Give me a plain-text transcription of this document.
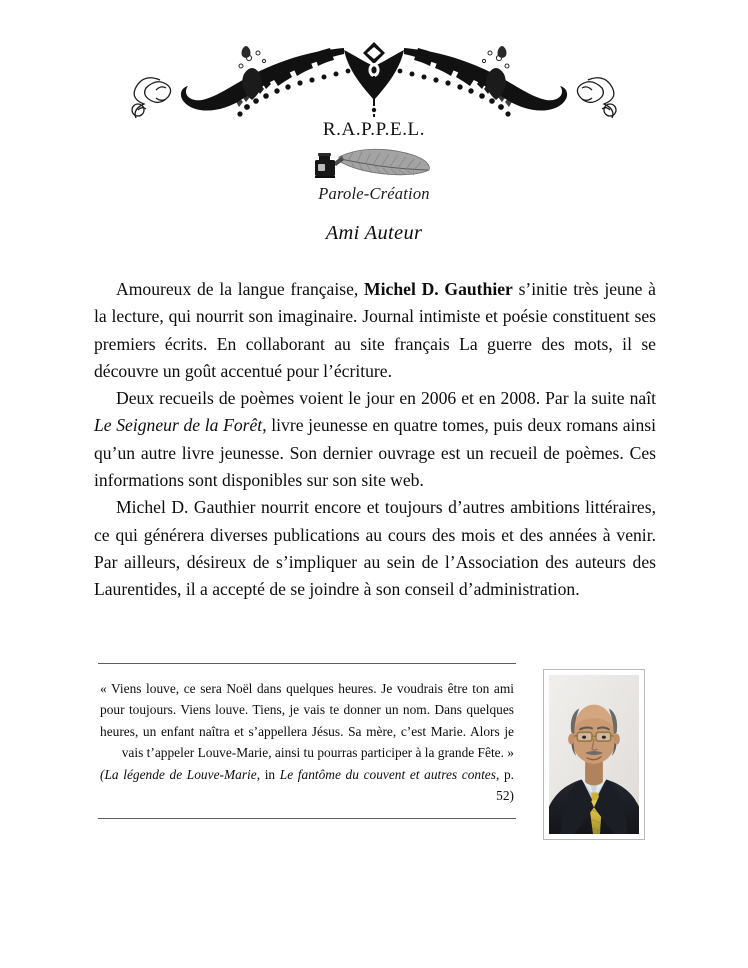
R.A.P.P.E.L.
Parole-Création
Ami Auteur

Amoureux de la langue française, Michel D. Gauthier s’initie très jeune à la lecture, qui nourrit son imaginaire. Journal intimiste et poésie constituent ses premiers écrits. En collaborant au site français La guerre des mots, il se découvre un goût accentué pour l’écriture.

Deux recueils de poèmes voient le jour en 2006 et en 2008. Par la suite naît Le Seigneur de la Forêt, livre jeunesse en quatre tomes, puis deux romans ainsi qu’un autre livre jeunesse. Son dernier ouvrage est un recueil de poèmes. Ces informations sont disponibles sur son site web.

Michel D. Gauthier nourrit encore et toujours d’autres ambitions littéraires, ce qui générera diverses publications au cours des mois et des années à venir. Par ailleurs, désireux de s’impliquer au sein de l’Association des auteurs des Laurentides, il a accepté de se joindre à son conseil d’administration.

« Viens louve, ce sera Noël dans quelques heures. Je voudrais être ton ami pour toujours. Viens louve. Tiens, je vais te donner un nom. Dans quelques heures, un enfant naîtra et s’appellera Jésus. Sa mère, c’est Marie. Alors je vais t’appeler Louve-Marie, ainsi tu pourras participer à la grande Fête. »

(La légende de Louve-Marie, in Le fantôme du couvent et autres contes, p. 52)
